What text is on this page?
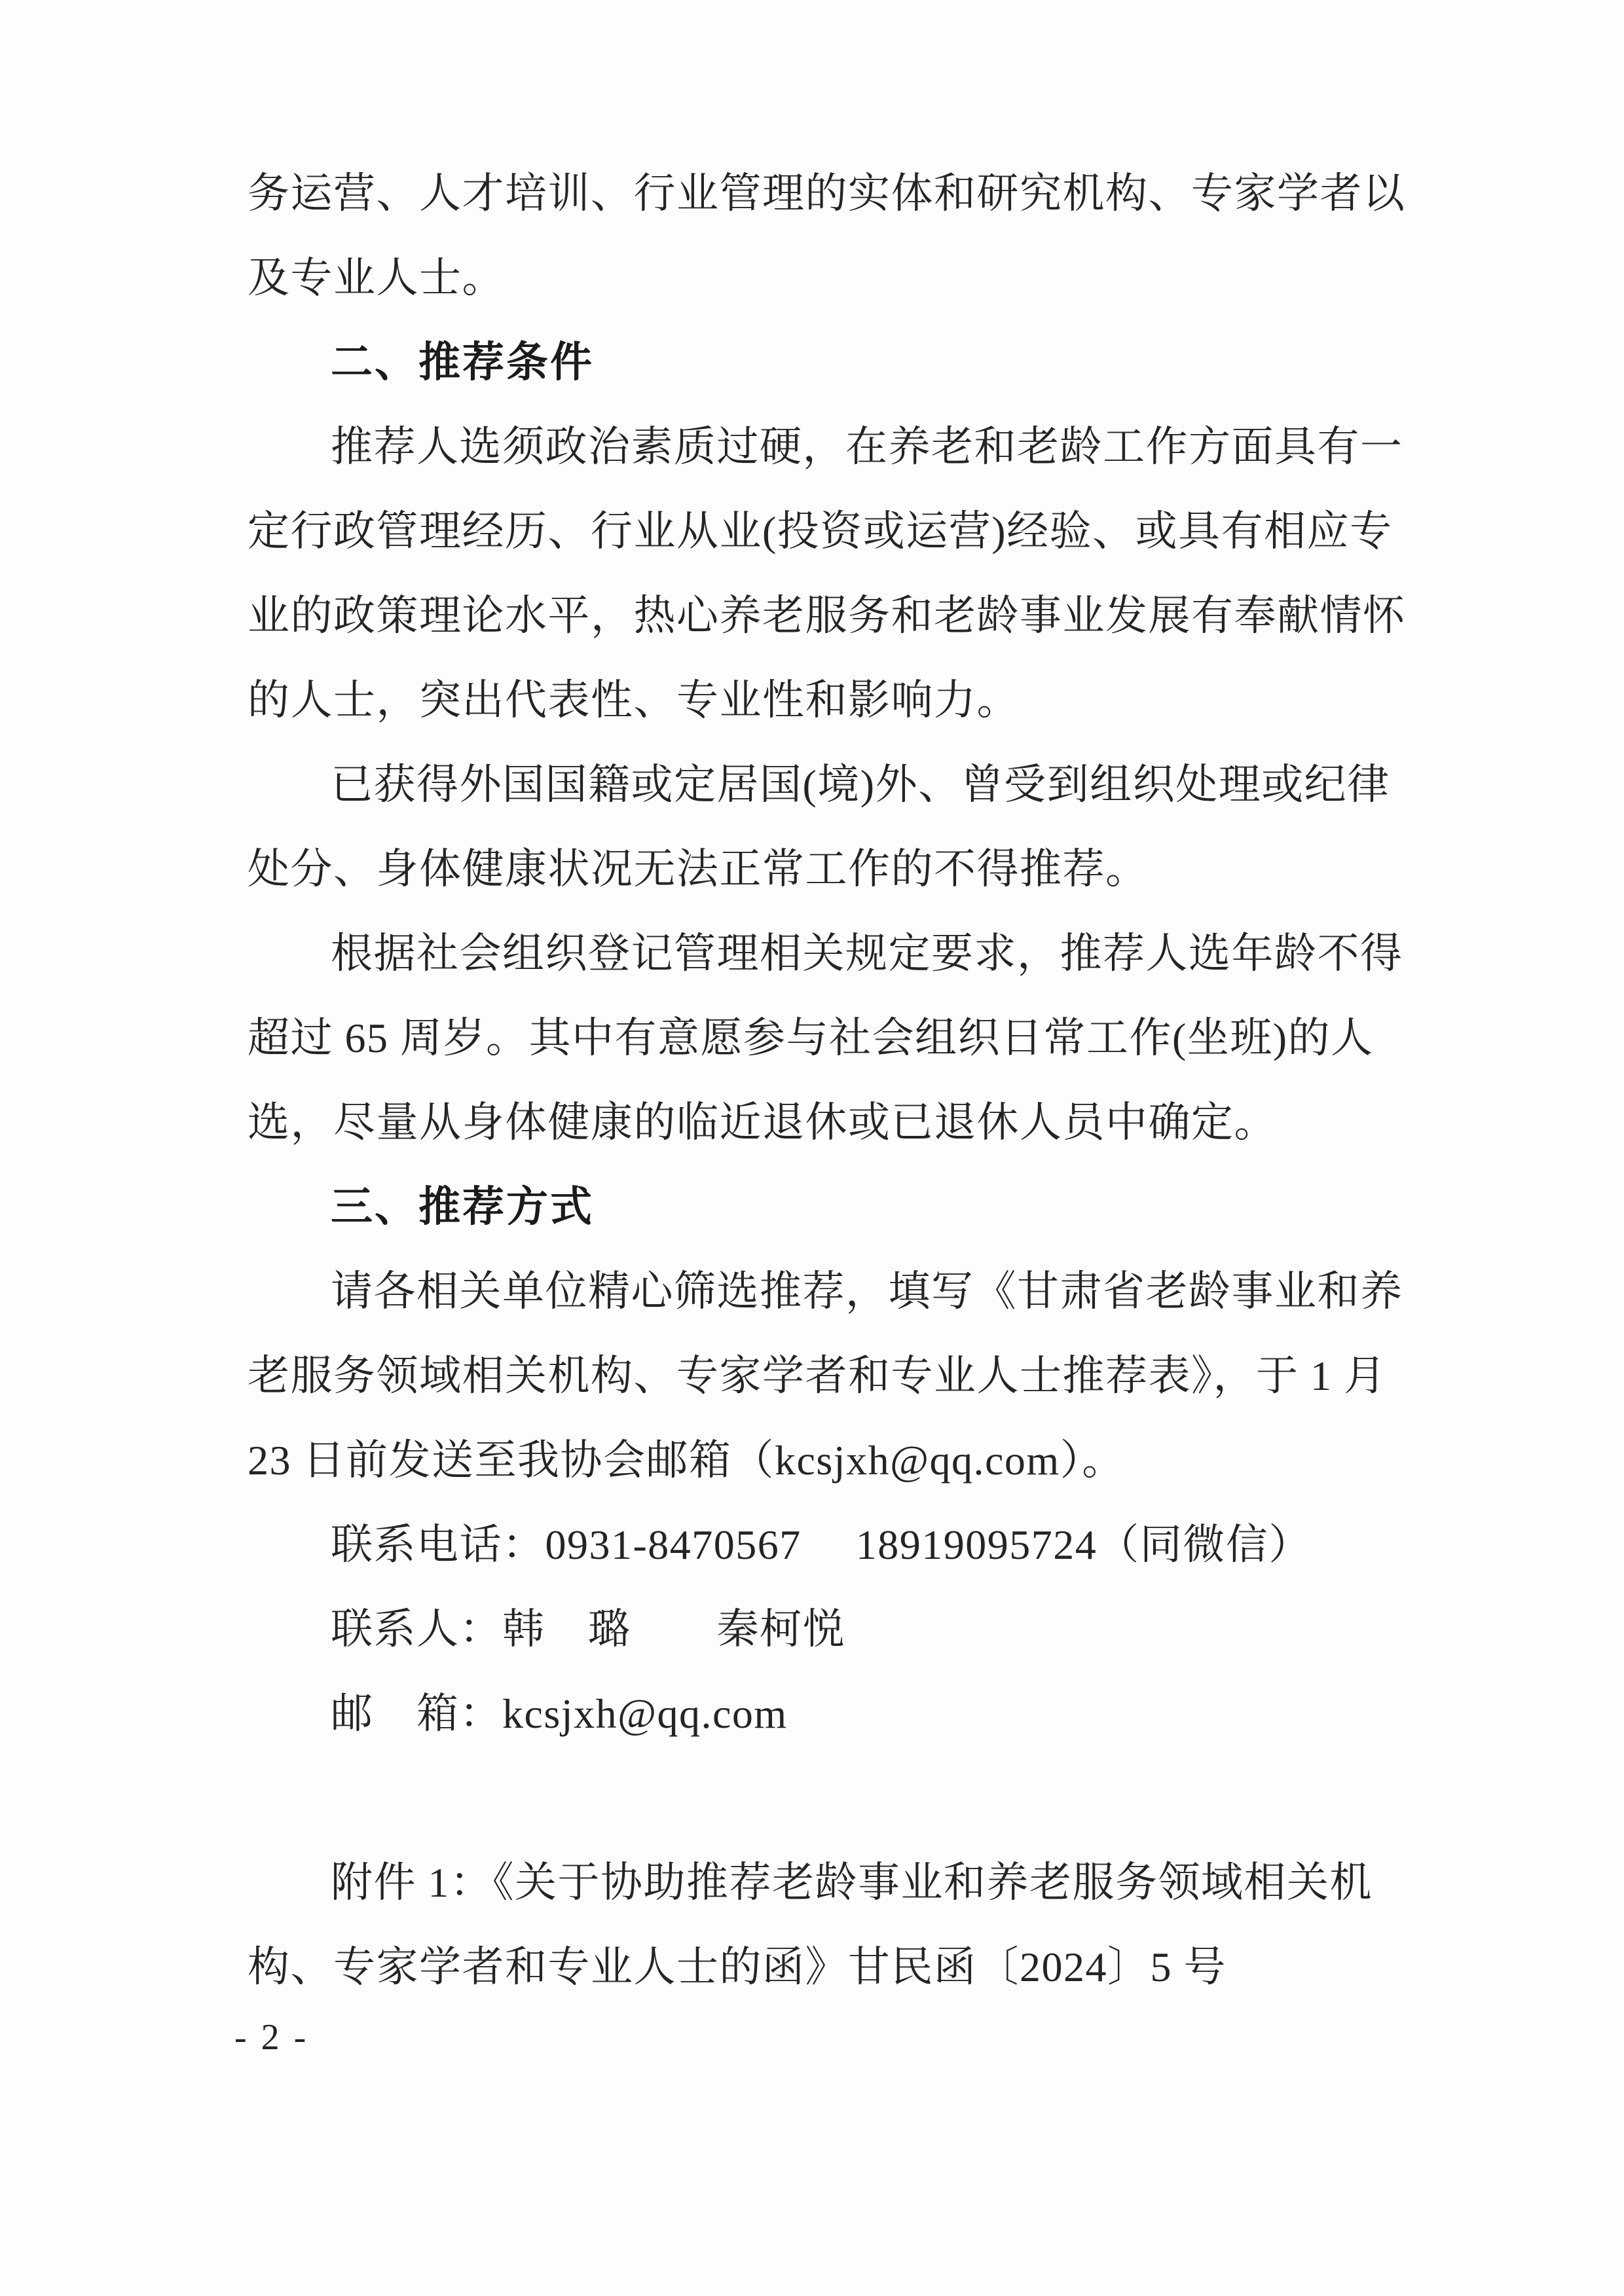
务运营、人才培训、行业管理的实体和研究机构、专家学者以
及专业人士。
二、推荐条件
推荐人选须政治素质过硬，在养老和老龄工作方面具有一
定行政管理经历、行业从业(投资或运营)经验、或具有相应专
业的政策理论水平，热心养老服务和老龄事业发展有奉献情怀
的人士，突出代表性、专业性和影响力。
已获得外国国籍或定居国(境)外、曾受到组织处理或纪律
处分、身体健康状况无法正常工作的不得推荐。
根据社会组织登记管理相关规定要求，推荐人选年龄不得
超过 65 周岁。其中有意愿参与社会组织日常工作(坐班)的人
选，尽量从身体健康的临近退休或已退休人员中确定。
三、推荐方式
请各相关单位精心筛选推荐，填写《甘肃省老龄事业和养
老服务领域相关机构、专家学者和专业人士推荐表》，于 1 月
23 日前发送至我协会邮箱（kcsjxh@qq.com）。
联系电话：0931-8470567　 18919095724（同微信）
联系人：韩　璐　　秦柯悦
邮　箱：kcsjxh@qq.com
附件 1：《关于协助推荐老龄事业和养老服务领域相关机
构、专家学者和专业人士的函》甘民函〔2024〕5 号
- 2 -
